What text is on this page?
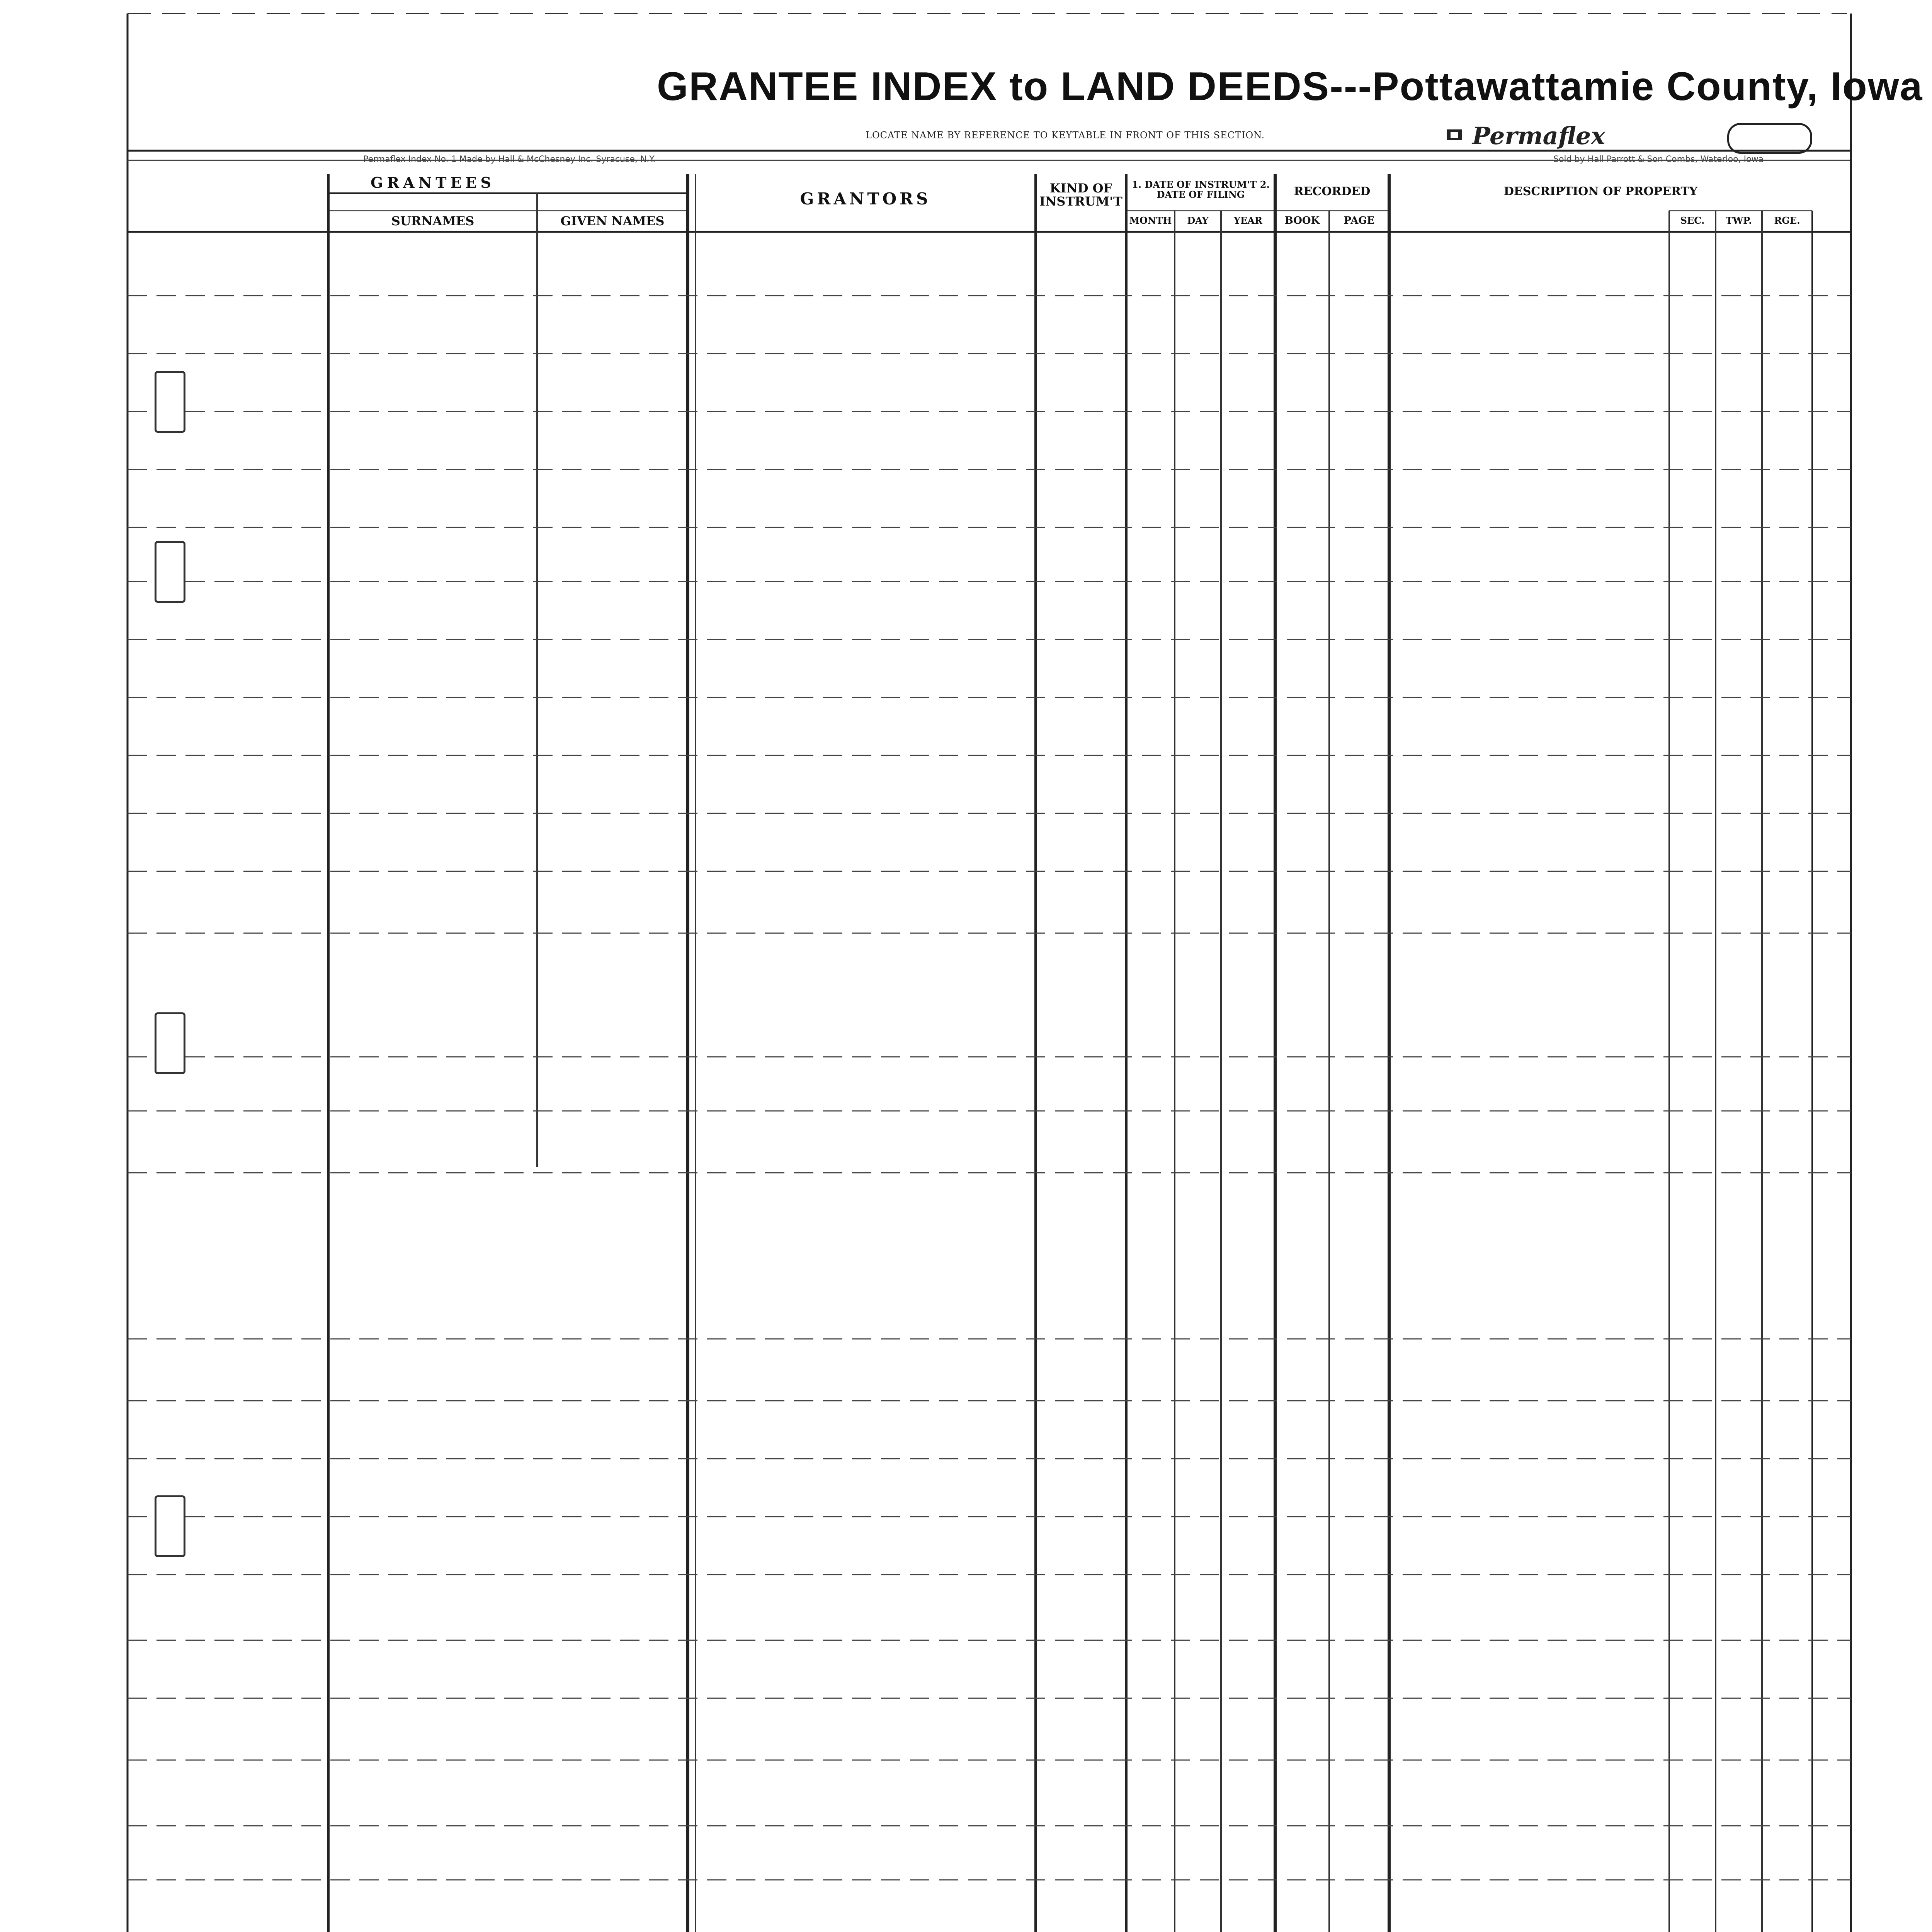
Permaflex Index No. 1 Made by Hall & McChesney Inc. Syracuse, N.Y.	Sold by Hall Parrott & Son Combs, Waterloo, Iowa
GRANTEE INDEX to LAND DEEDS---Pottawattamie County, Iowa
LOCATE NAME BY REFERENCE TO KEYTABLE IN FRONT OF THIS SECTION.	Permaflex
GRANTEES
SURNAMES	GIVEN NAMES
GRANTORS
KIND OF INSTRUM'T
1. DATE OF INSTRUM'T 2. DATE OF FILING
MONTH	DAY	YEAR
RECORDED
BOOK	PAGE
DESCRIPTION OF PROPERTY
SEC.	TWP.	RGE.
